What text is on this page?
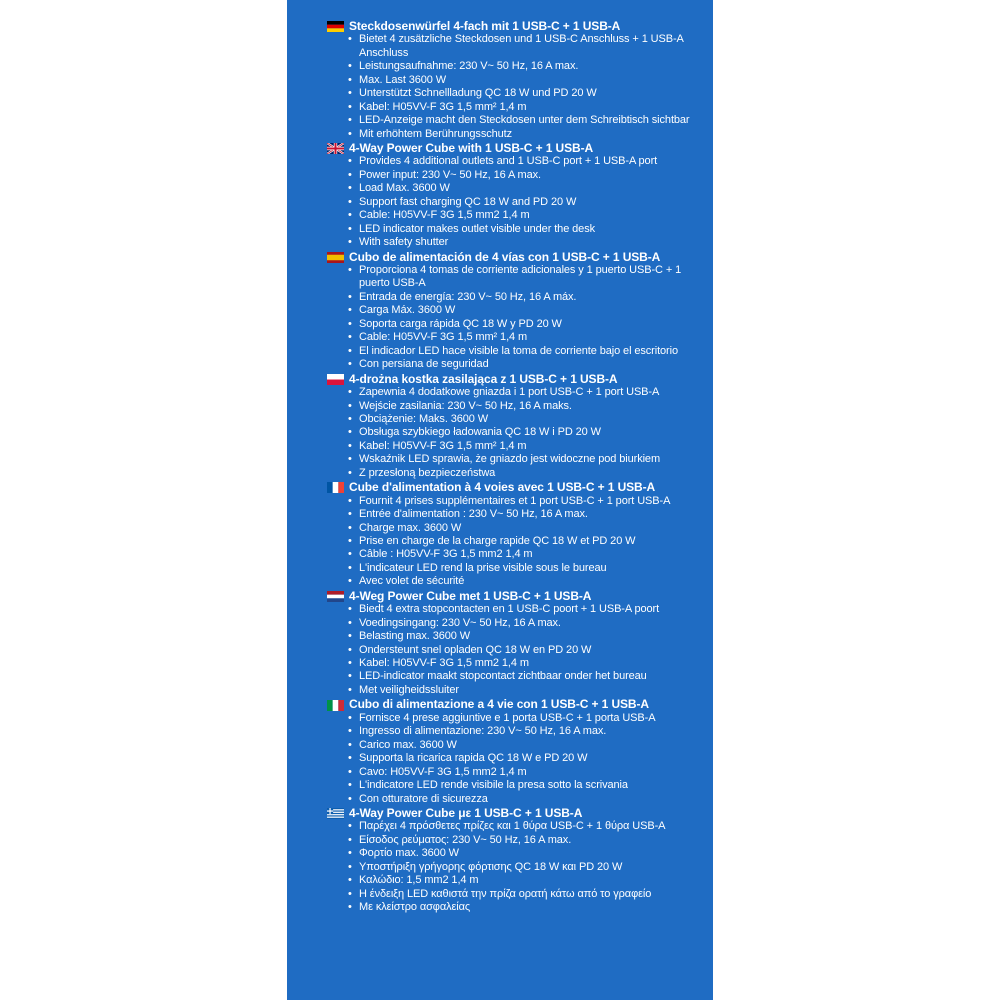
Steckdosenwürfel 4-fach mit 1 USB-C + 1 USB-A
• Bietet 4 zusätzliche Steckdosen und 1 USB-C Anschluss + 1 USB-A Anschluss
• Leistungsaufnahme: 230 V~ 50 Hz, 16 A max.
• Max. Last 3600 W
• Unterstützt Schnellladung QC 18 W und PD 20 W
• Kabel: H05VV-F 3G 1,5 mm² 1,4 m
• LED-Anzeige macht den Steckdosen unter dem Schreibtisch sichtbar
• Mit erhöhtem Berührungsschutz
4-Way Power Cube with 1 USB-C + 1 USB-A
• Provides 4 additional outlets and 1 USB-C port + 1 USB-A port
• Power input: 230 V~ 50 Hz, 16 A max.
• Load Max. 3600 W
• Support fast charging QC 18 W and PD 20 W
• Cable: H05VV-F 3G 1,5 mm2 1,4 m
• LED indicator makes outlet visible under the desk
• With safety shutter
Cubo de alimentación de 4 vías con 1 USB-C + 1 USB-A
• Proporciona 4 tomas de corriente adicionales y 1 puerto USB-C + 1 puerto USB-A
• Entrada de energía: 230 V~ 50 Hz, 16 A máx.
• Carga Máx. 3600 W
• Soporta carga rápida QC 18 W y PD 20 W
• Cable: H05VV-F 3G 1,5 mm² 1,4 m
• El indicador LED hace visible la toma de corriente bajo el escritorio
• Con persiana de seguridad
4-drożna kostka zasilająca z 1 USB-C + 1 USB-A
• Zapewnia 4 dodatkowe gniazda i 1 port USB-C + 1 port USB-A
• Wejście zasilania: 230 V~ 50 Hz, 16 A maks.
• Obciążenie: Maks. 3600 W
• Obsługa szybkiego ładowania QC 18 W i PD 20 W
• Kabel: H05VV-F 3G 1,5 mm² 1,4 m
• Wskaźnik LED sprawia, że gniazdo jest widoczne pod biurkiem
• Z przesłoną bezpieczeństwa
Cube d'alimentation à 4 voies avec 1 USB-C + 1 USB-A
• Fournit 4 prises supplémentaires et 1 port USB-C + 1 port USB-A
• Entrée d'alimentation : 230 V~ 50 Hz, 16 A max.
• Charge max. 3600 W
• Prise en charge de la charge rapide QC 18 W et PD 20 W
• Câble : H05VV-F 3G 1,5 mm2 1,4 m
• L'indicateur LED rend la prise visible sous le bureau
• Avec volet de sécurité
4-Weg Power Cube met 1 USB-C + 1 USB-A
• Biedt 4 extra stopcontacten en 1 USB-C poort + 1 USB-A poort
• Voedingsingang: 230 V~ 50 Hz, 16 A max.
• Belasting max. 3600 W
• Ondersteunt snel opladen QC 18 W en PD 20 W
• Kabel: H05VV-F 3G 1,5 mm2 1,4 m
• LED-indicator maakt stopcontact zichtbaar onder het bureau
• Met veiligheidssluiter
Cubo di alimentazione a 4 vie con 1 USB-C + 1 USB-A
• Fornisce 4 prese aggiuntive e 1 porta USB-C + 1 porta USB-A
• Ingresso di alimentazione: 230 V~ 50 Hz, 16 A max.
• Carico max. 3600 W
• Supporta la ricarica rapida QC 18 W e PD 20 W
• Cavo: H05VV-F 3G 1,5 mm2 1,4 m
• L'indicatore LED rende visibile la presa sotto la scrivania
• Con otturatore di sicurezza
4-Way Power Cube με 1 USB-C + 1 USB-A
• Παρέχει 4 πρόσθετες πρίζες και 1 θύρα USB-C + 1 θύρα USB-A
• Είσοδος ρεύματος: 230 V~ 50 Hz, 16 A max.
• Φορτίο max. 3600 W
• Υποστήριξη γρήγορης φόρτισης QC 18 W και PD 20 W
• Καλώδιο: 1,5 mm2 1,4 m
• Η ένδειξη LED καθιστά την πρίζα ορατή κάτω από το γραφείο
• Με κλείστρο ασφαλείας
